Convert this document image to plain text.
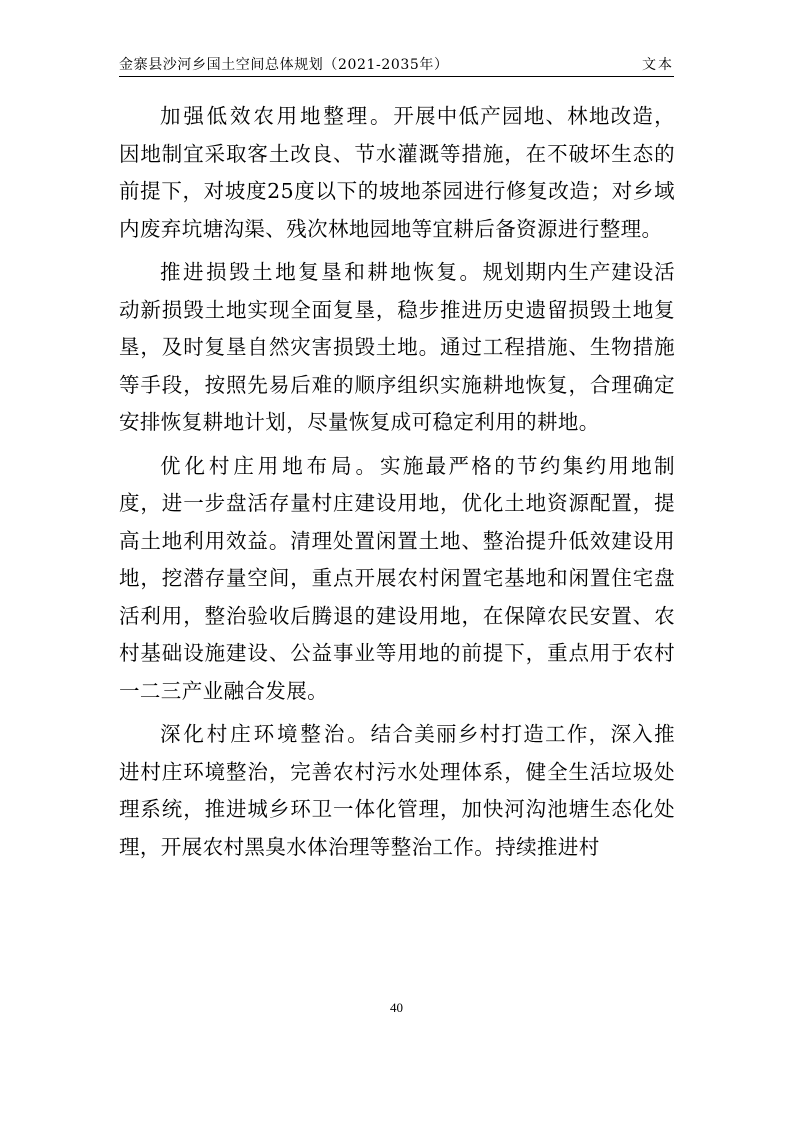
金寨县沙河乡国土空间总体规划（2021-2035年）	文本

加强低效农用地整理。开展中低产园地、林地改造，因地制宜采取客土改良、节水灌溉等措施，在不破坏生态的前提下，对坡度25度以下的坡地茶园进行修复改造；对乡域内废弃坑塘沟渠、残次林地园地等宜耕后备资源进行整理。

推进损毁土地复垦和耕地恢复。规划期内生产建设活动新损毁土地实现全面复垦，稳步推进历史遗留损毁土地复垦，及时复垦自然灾害损毁土地。通过工程措施、生物措施等手段，按照先易后难的顺序组织实施耕地恢复，合理确定安排恢复耕地计划，尽量恢复成可稳定利用的耕地。

优化村庄用地布局。实施最严格的节约集约用地制度，进一步盘活存量村庄建设用地，优化土地资源配置，提高土地利用效益。清理处置闲置土地、整治提升低效建设用地，挖潜存量空间，重点开展农村闲置宅基地和闲置住宅盘活利用，整治验收后腾退的建设用地，在保障农民安置、农村基础设施建设、公益事业等用地的前提下，重点用于农村一二三产业融合发展。

深化村庄环境整治。结合美丽乡村打造工作，深入推进村庄环境整治，完善农村污水处理体系，健全生活垃圾处理系统，推进城乡环卫一体化管理，加快河沟池塘生态化处理，开展农村黑臭水体治理等整治工作。持续推进村

40
